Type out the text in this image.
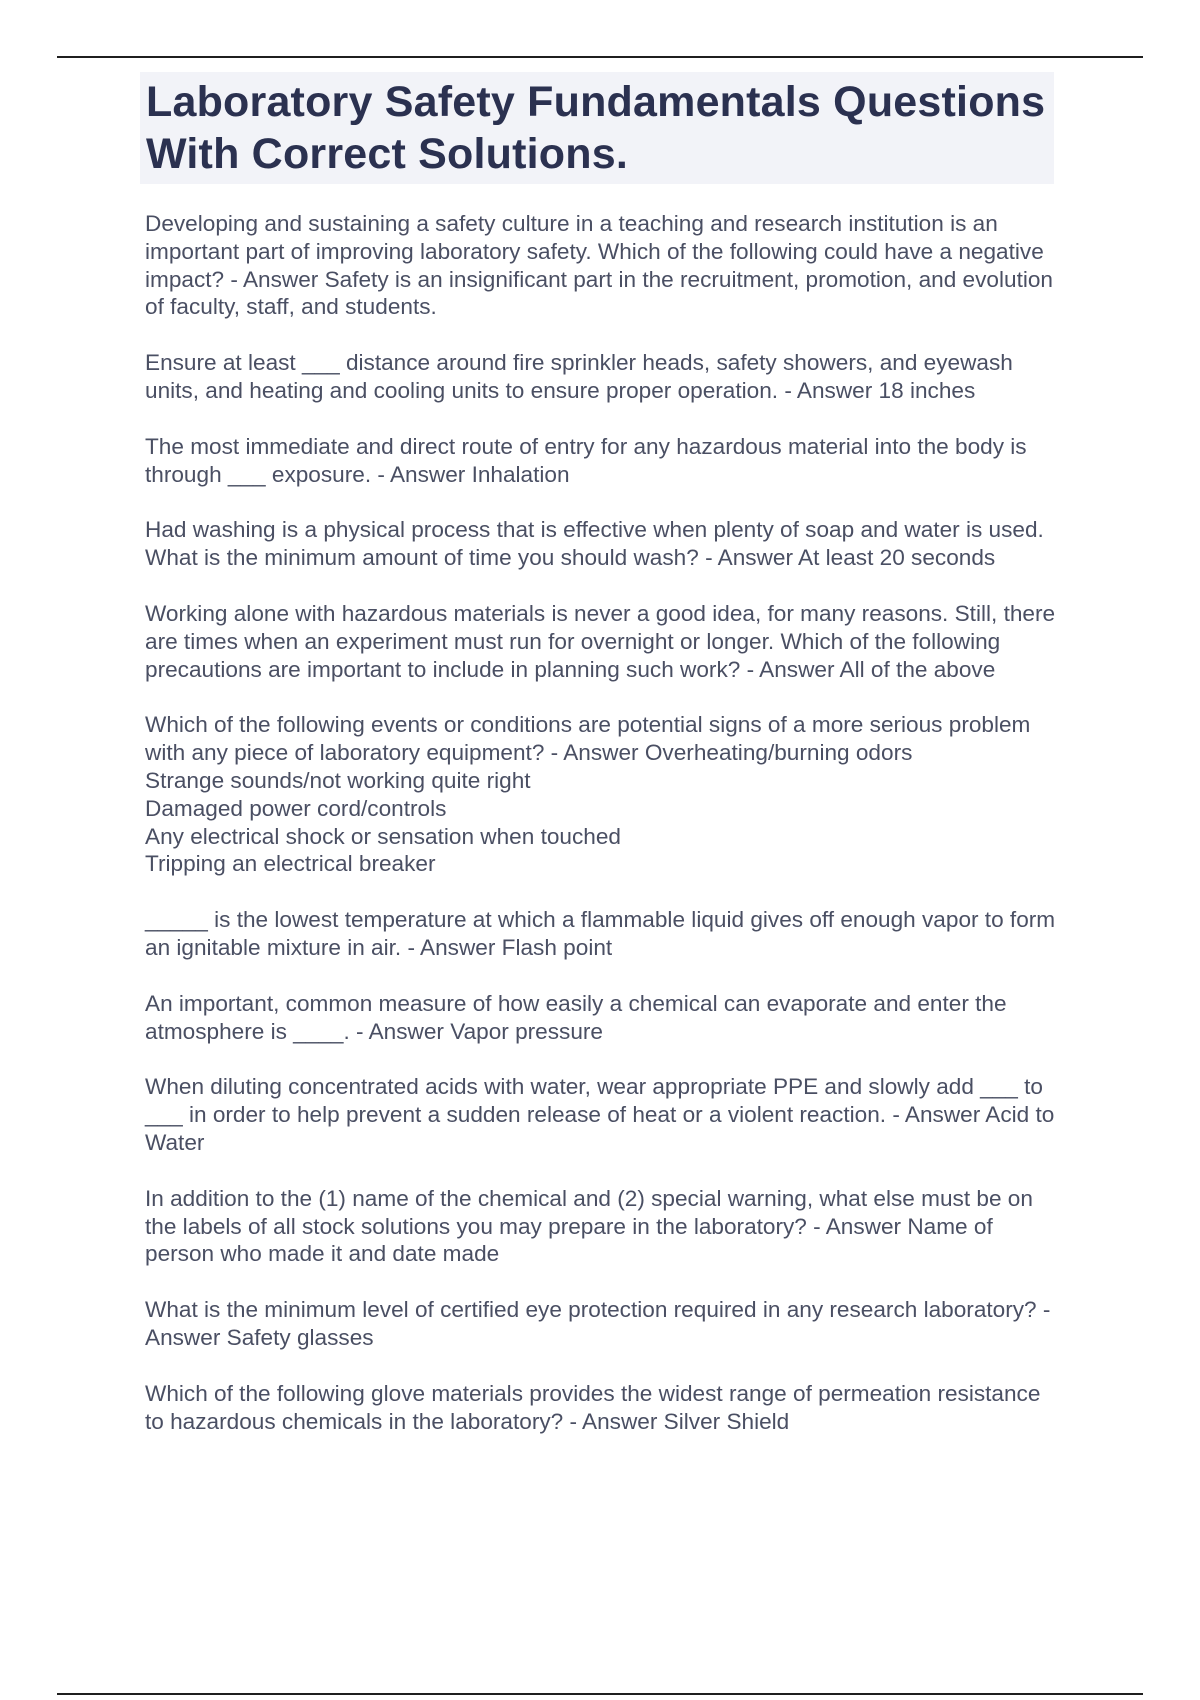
Laboratory Safety Fundamentals Questions With Correct Solutions.

Developing and sustaining a safety culture in a teaching and research institution is an important part of improving laboratory safety. Which of the following could have a negative impact? - Answer Safety is an insignificant part in the recruitment, promotion, and evolution of faculty, staff, and students.

Ensure at least ___ distance around fire sprinkler heads, safety showers, and eyewash units, and heating and cooling units to ensure proper operation. - Answer 18 inches

The most immediate and direct route of entry for any hazardous material into the body is through ___ exposure. - Answer Inhalation

Had washing is a physical process that is effective when plenty of soap and water is used. What is the minimum amount of time you should wash? - Answer At least 20 seconds

Working alone with hazardous materials is never a good idea, for many reasons. Still, there are times when an experiment must run for overnight or longer. Which of the following precautions are important to include in planning such work? - Answer All of the above

Which of the following events or conditions are potential signs of a more serious problem with any piece of laboratory equipment? - Answer Overheating/burning odors
Strange sounds/not working quite right
Damaged power cord/controls
Any electrical shock or sensation when touched
Tripping an electrical breaker

_____ is the lowest temperature at which a flammable liquid gives off enough vapor to form an ignitable mixture in air. - Answer Flash point

An important, common measure of how easily a chemical can evaporate and enter the atmosphere is ____. - Answer Vapor pressure

When diluting concentrated acids with water, wear appropriate PPE and slowly add ___ to ___ in order to help prevent a sudden release of heat or a violent reaction. - Answer Acid to Water

In addition to the (1) name of the chemical and (2) special warning, what else must be on the labels of all stock solutions you may prepare in the laboratory? - Answer Name of person who made it and date made

What is the minimum level of certified eye protection required in any research laboratory? - Answer Safety glasses

Which of the following glove materials provides the widest range of permeation resistance to hazardous chemicals in the laboratory? - Answer Silver Shield
